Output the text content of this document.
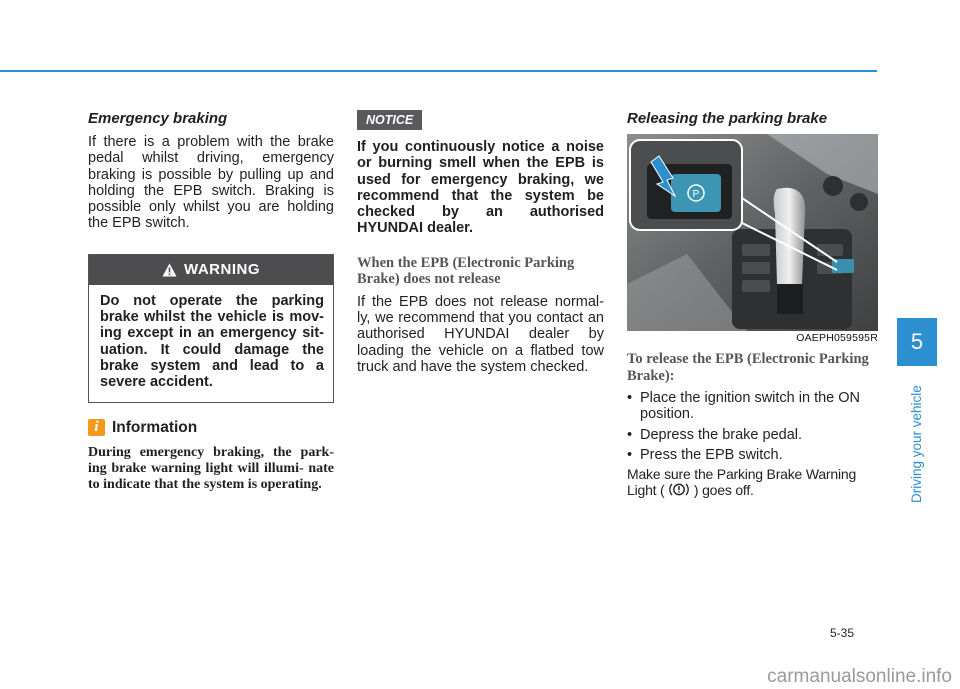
Emergency braking

If there is a problem with the brake pedal whilst driving, emergency braking is possible by pulling up and holding the EPB switch. Braking is possible only whilst you are holding the EPB switch.

WARNING
Do not operate the parking brake whilst the vehicle is mov- ing except in an emergency sit- uation. It could damage the brake system and lead to a severe accident.
i Information
During emergency braking, the park- ing brake warning light will illumi- nate to indicate that the system is operating.
NOTICE

If you continuously notice a noise or burning smell when the EPB is used for emergency braking, we recommend that the system be checked by an authorised HYUNDAI dealer.

When the EPB (Electronic Parking Brake) does not release

If the EPB does not release normal- ly, we recommend that you contact an authorised HYUNDAI dealer by loading the vehicle on a flatbed tow truck and have the system checked.

Releasing the parking brake

P
OAEPH059595R

To release the EPB (Electronic Parking Brake):

• Place the ignition switch in the ON position.
• Depress the brake pedal.
• Press the EPB switch.

Make sure the Parking Brake Warning Light ( ) goes off.

5
Driving your vehicle
5-35
carmanualsonline.info
